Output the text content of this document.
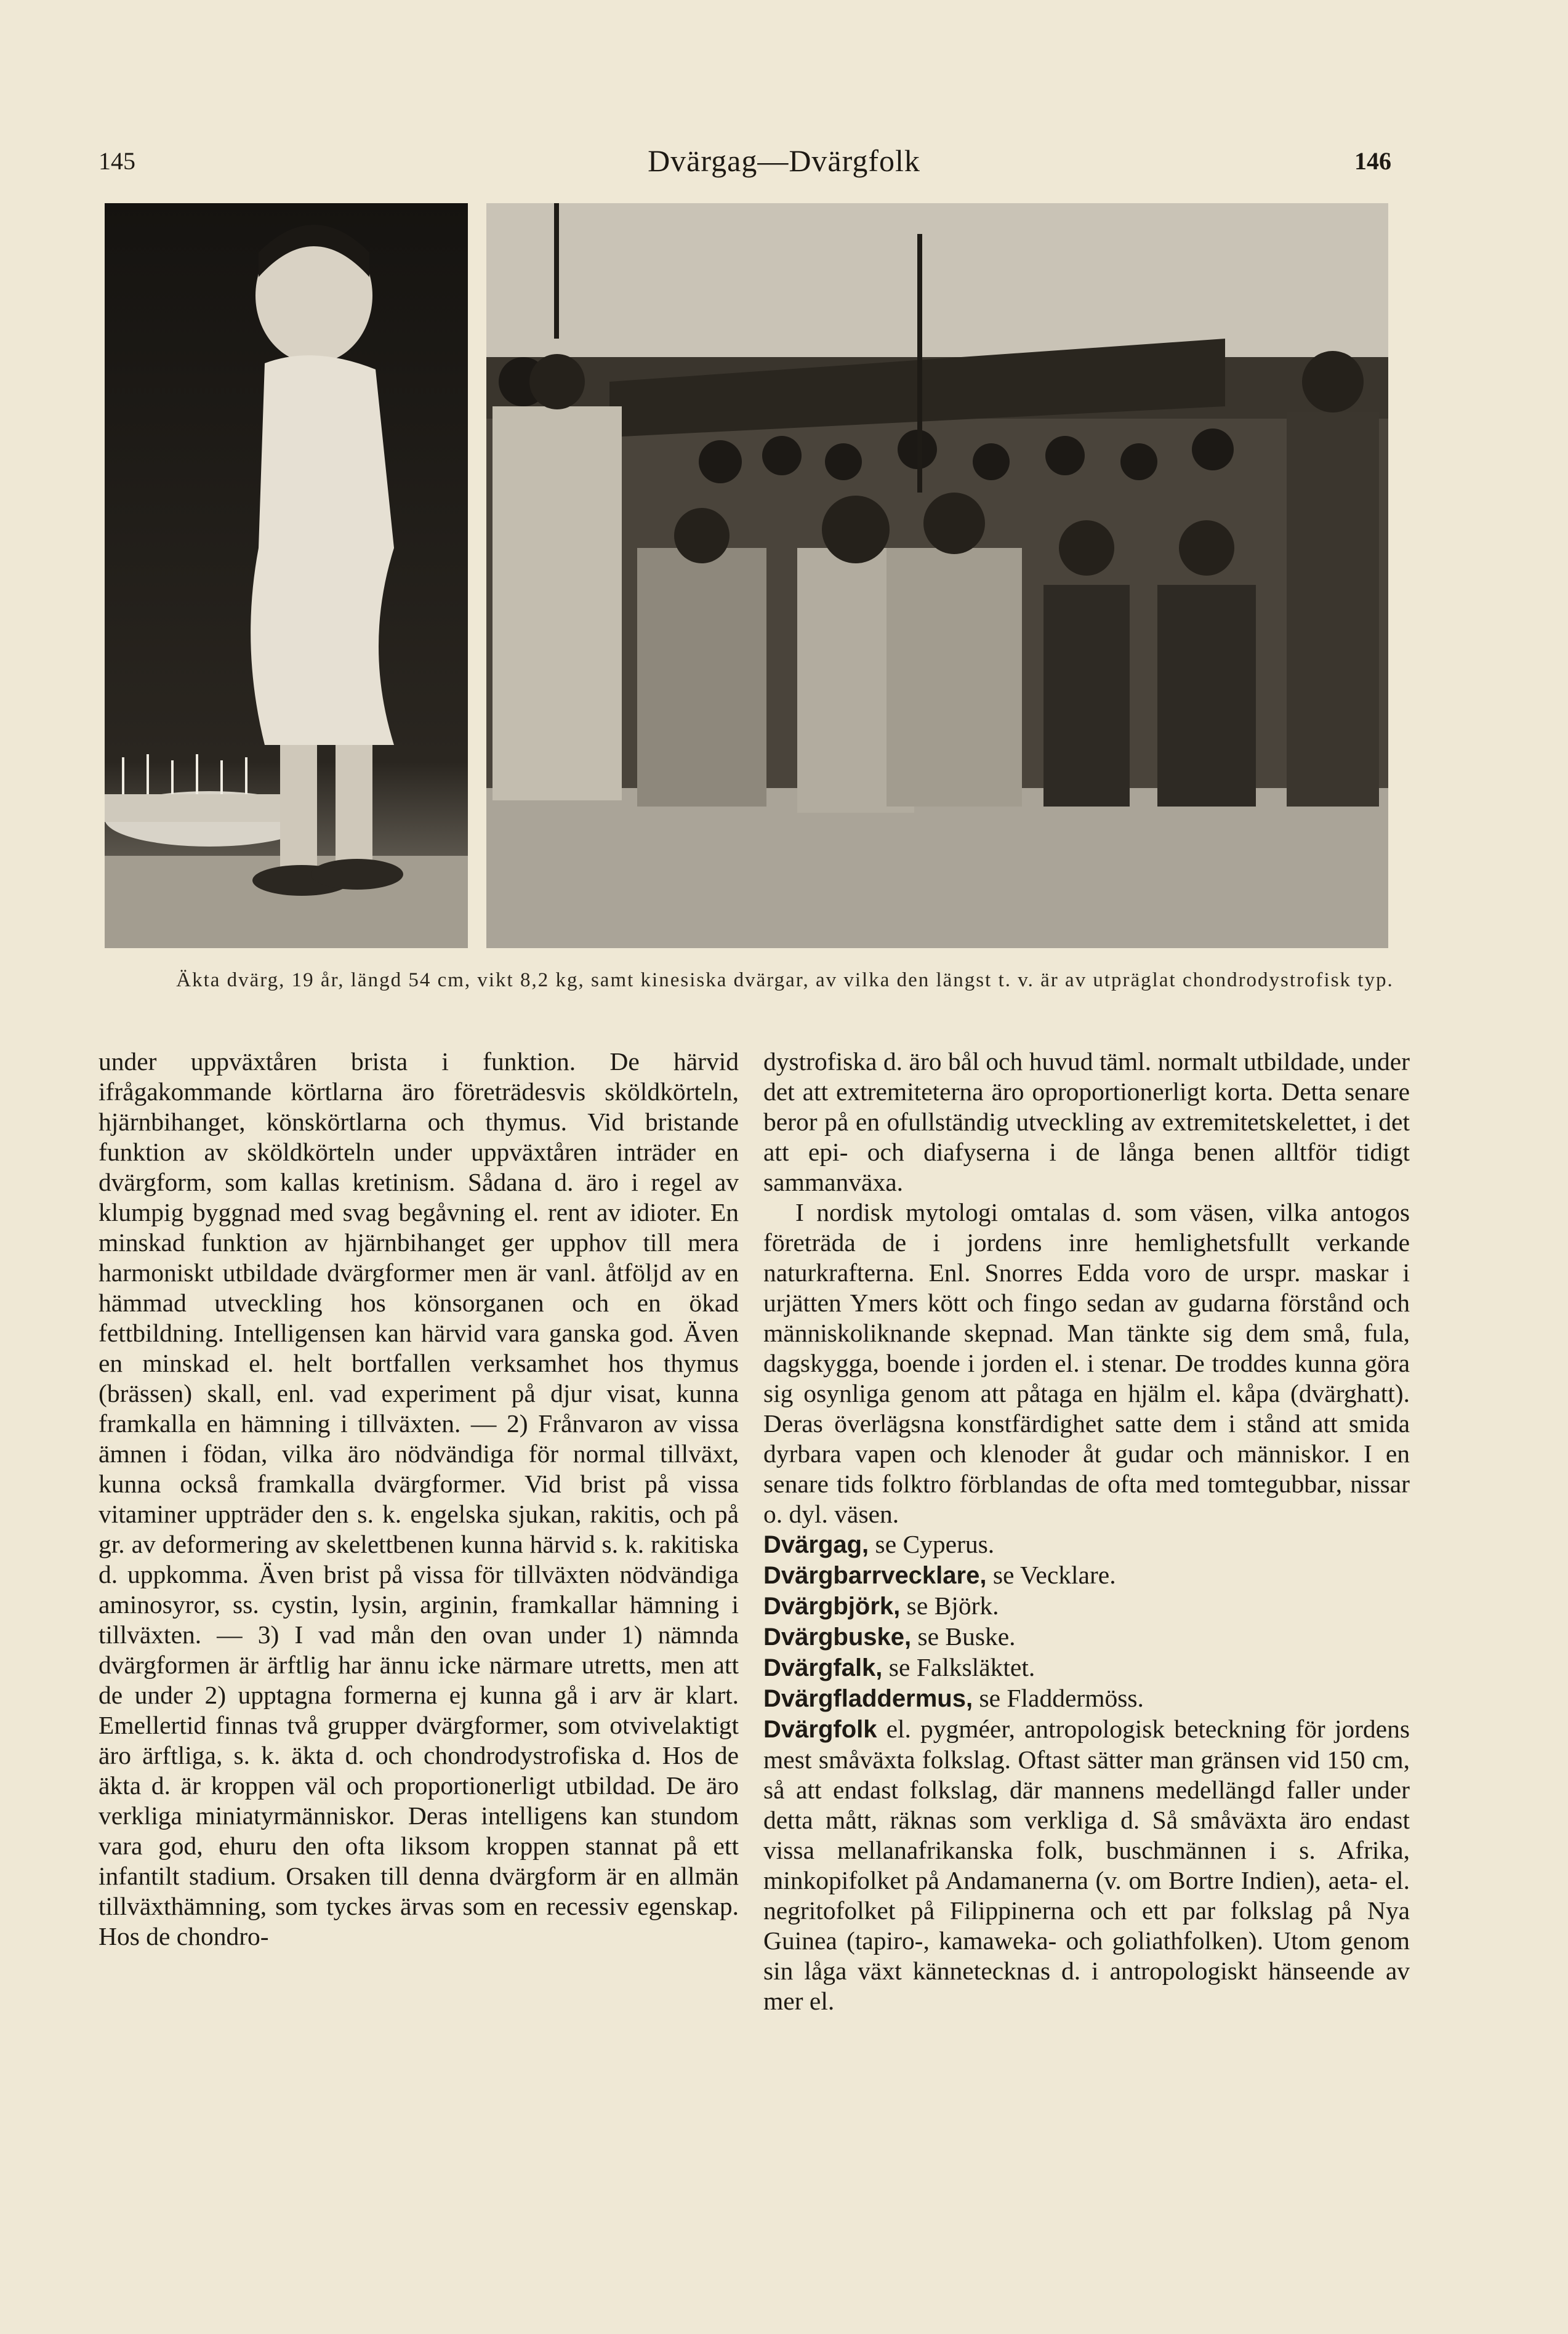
145	Dvärgag—Dvärgfolk	146
Äkta dvärg, 19 år, längd 54 cm, vikt 8,2 kg, samt kinesiska dvärgar, av vilka den längst t. v. är av utpräglat chondrodystrofisk typ.

under uppväxtåren brista i funktion. De härvid ifrågakommande körtlarna äro företrädesvis sköldkörteln, hjärnbihanget, könskörtlarna och thymus. Vid bristande funktion av sköldkörteln under uppväxtåren inträder en dvärgform, som kallas kretinism. Sådana d. äro i regel av klumpig byggnad med svag begåvning el. rent av idioter. En minskad funktion av hjärnbihanget ger upphov till mera harmoniskt utbildade dvärgformer men är vanl. åtföljd av en hämmad utveckling hos könsorganen och en ökad fettbildning. Intelligensen kan härvid vara ganska god. Även en minskad el. helt bortfallen verksamhet hos thymus (brässen) skall, enl. vad experiment på djur visat, kunna framkalla en hämning i tillväxten. — 2) Frånvaron av vissa ämnen i födan, vilka äro nödvändiga för normal tillväxt, kunna också framkalla dvärgformer. Vid brist på vissa vitaminer uppträder den s. k. engelska sjukan, rakitis, och på gr. av deformering av skelettbenen kunna härvid s. k. rakitiska d. uppkomma. Även brist på vissa för tillväxten nödvändiga aminosyror, ss. cystin, lysin, arginin, framkallar hämning i tillväxten. — 3) I vad mån den ovan under 1) nämnda dvärgformen är ärftlig har ännu icke närmare utretts, men att de under 2) upptagna formerna ej kunna gå i arv är klart. Emellertid finnas två grupper dvärgformer, som otvivelaktigt äro ärftliga, s. k. äkta d. och chondrodystrofiska d. Hos de äkta d. är kroppen väl och proportionerligt utbildad. De äro verkliga miniatyrmänniskor. Deras intelligens kan stundom vara god, ehuru den ofta liksom kroppen stannat på ett infantilt stadium. Orsaken till denna dvärgform är en allmän tillväxthämning, som tyckes ärvas som en recessiv egenskap. Hos de chondro-

dystrofiska d. äro bål och huvud täml. normalt utbildade, under det att extremiteterna äro oproportionerligt korta. Detta senare beror på en ofullständig utveckling av extremitetskelettet, i det att epi- och diafyserna i de långa benen alltför tidigt sammanväxa.

I nordisk mytologi omtalas d. som väsen, vilka antogos företräda de i jordens inre hemlighetsfullt verkande naturkrafterna. Enl. Snorres Edda voro de urspr. maskar i urjätten Ymers kött och fingo sedan av gudarna förstånd och människoliknande skepnad. Man tänkte sig dem små, fula, dagskygga, boende i jorden el. i stenar. De troddes kunna göra sig osynliga genom att påtaga en hjälm el. kåpa (dvärghatt). Deras överlägsna konstfärdighet satte dem i stånd att smida dyrbara vapen och klenoder åt gudar och människor. I en senare tids folktro förblandas de ofta med tomtegubbar, nissar o. dyl. väsen.

Dvärgag, se Cyperus.
Dvärgbarrvecklare, se Vecklare.
Dvärgbjörk, se Björk.
Dvärgbuske, se Buske.
Dvärgfalk, se Falksläktet.
Dvärgfladdermus, se Fladdermöss.
Dvärgfolk el. pygméer, antropologisk beteckning för jordens mest småväxta folkslag. Oftast sätter man gränsen vid 150 cm, så att endast folkslag, där mannens medellängd faller under detta mått, räknas som verkliga d. Så småväxta äro endast vissa mellanafrikanska folk, buschmännen i s. Afrika, minkopifolket på Andamanerna (v. om Bortre Indien), aeta- el. negritofolket på Filippinerna och ett par folkslag på Nya Guinea (tapiro-, kamaweka- och goliathfolken). Utom genom sin låga växt kännetecknas d. i antropologiskt hänseende av mer el.
